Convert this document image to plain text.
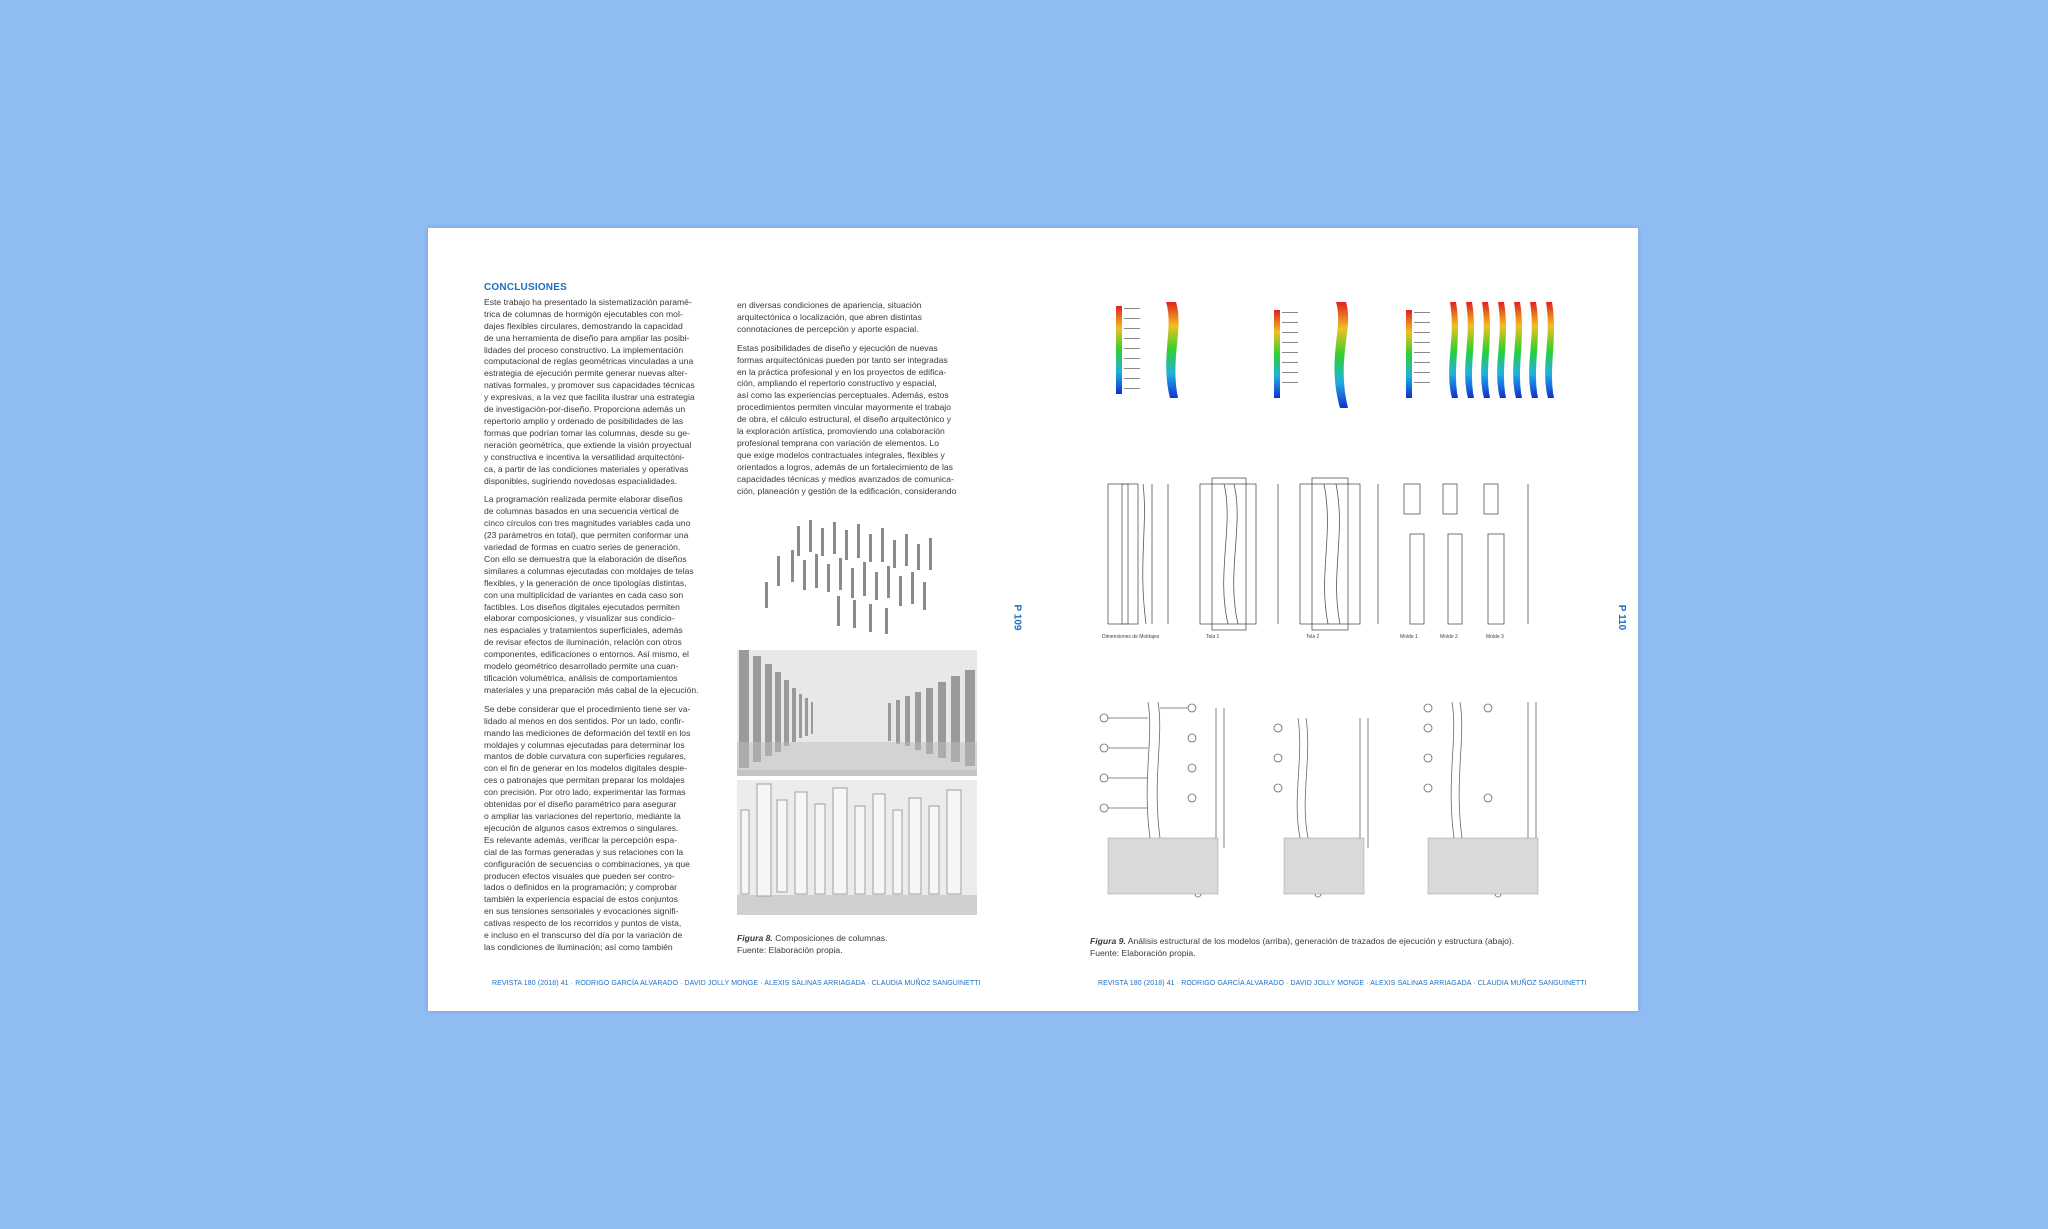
CONCLUSIONES

Este trabajo ha presentado la sistematización paramé-
trica de columnas de hormigón ejecutables con mol-
dajes flexibles circulares, demostrando la capacidad
de una herramienta de diseño para ampliar las posibi-
lidades del proceso constructivo. La implementación
computacional de reglas geométricas vinculadas a una
estrategia de ejecución permite generar nuevas alter-
nativas formales, y promover sus capacidades técnicas
y expresivas, a la vez que facilita ilustrar una estrategia
de investigación-por-diseño. Proporciona además un
repertorio amplio y ordenado de posibilidades de las
formas que podrían tomar las columnas, desde su ge-
neración geométrica, que extiende la visión proyectual
y constructiva e incentiva la versatilidad arquitectóni-
ca, a partir de las condiciones materiales y operativas
disponibles, sugiriendo novedosas espacialidades.

La programación realizada permite elaborar diseños
de columnas basados en una secuencia vertical de
cinco círculos con tres magnitudes variables cada uno
(23 parámetros en total), que permiten conformar una
variedad de formas en cuatro series de generación.
Con ello se demuestra que la elaboración de diseños
similares a columnas ejecutadas con moldajes de telas
flexibles, y la generación de once tipologías distintas,
con una multiplicidad de variantes en cada caso son
factibles. Los diseños digitales ejecutados permiten
elaborar composiciones, y visualizar sus condicio-
nes espaciales y tratamientos superficiales, además
de revisar efectos de iluminación, relación con otros
componentes, edificaciones o entornos. Así mismo, el
modelo geométrico desarrollado permite una cuan-
tificación volumétrica, análisis de comportamientos
materiales y una preparación más cabal de la ejecución.

Se debe considerar que el procedimiento tiene ser va-
lidado al menos en dos sentidos. Por un lado, confir-
mando las mediciones de deformación del textil en los
moldajes y columnas ejecutadas para determinar los
mantos de doble curvatura con superficies regulares,
con el fin de generar en los modelos digitales despie-
ces o patronajes que permitan preparar los moldajes
con precisión. Por otro lado, experimentar las formas
obtenidas por el diseño paramétrico para asegurar
o ampliar las variaciones del repertorio, mediante la
ejecución de algunos casos extremos o singulares.
Es relevante además, verificar la percepción espa-
cial de las formas generadas y sus relaciones con la
configuración de secuencias o combinaciones, ya que
producen efectos visuales que pueden ser contro-
lados o definidos en la programación; y comprobar
también la experiencia espacial de estos conjuntos
en sus tensiones sensoriales y evocaciones signifi-
cativas respecto de los recorridos y puntos de vista,
e incluso en el transcurso del día por la variación de
las condiciones de iluminación; así como también

en diversas condiciones de apariencia, situación
arquitectónica o localización, que abren distintas
connotaciones de percepción y aporte espacial.

Estas posibilidades de diseño y ejecución de nuevas
formas arquitectónicas pueden por tanto ser integradas
en la práctica profesional y en los proyectos de edifica-
ción, ampliando el repertorio constructivo y espacial,
así como las experiencias perceptuales. Además, estos
procedimientos permiten vincular mayormente el trabajo
de obra, el cálculo estructural, el diseño arquitectónico y
la exploración artística, promoviendo una colaboración
profesional temprana con variación de elementos. Lo
que exige modelos contractuales integrales, flexibles y
orientados a logros, además de un fortalecimiento de las
capacidades técnicas y medios avanzados de comunica-
ción, planeación y gestión de la edificación, considerando

Figura 8. Composiciones de columnas.
Fuente: Elaboración propia.
P 109
REVISTA 180 (2018) 41 · RODRIGO GARCÍA ALVARADO · DAVID JOLLY MONGE · ALEXIS SALINAS ARRIAGADA · CLAUDIA MUÑOZ SANGUINETTI
Dimensiones de Moldajes	Tela 1	Tela 2	Molde 1	Molde 2	Molde 3
Figura 9. Análisis estructural de los modelos (arriba), generación de trazados de ejecución y estructura (abajo).
Fuente: Elaboración propia.
P 110
REVISTA 180 (2018) 41 · RODRIGO GARCÍA ALVARADO · DAVID JOLLY MONGE · ALEXIS SALINAS ARRIAGADA · CLAUDIA MUÑOZ SANGUINETTI
